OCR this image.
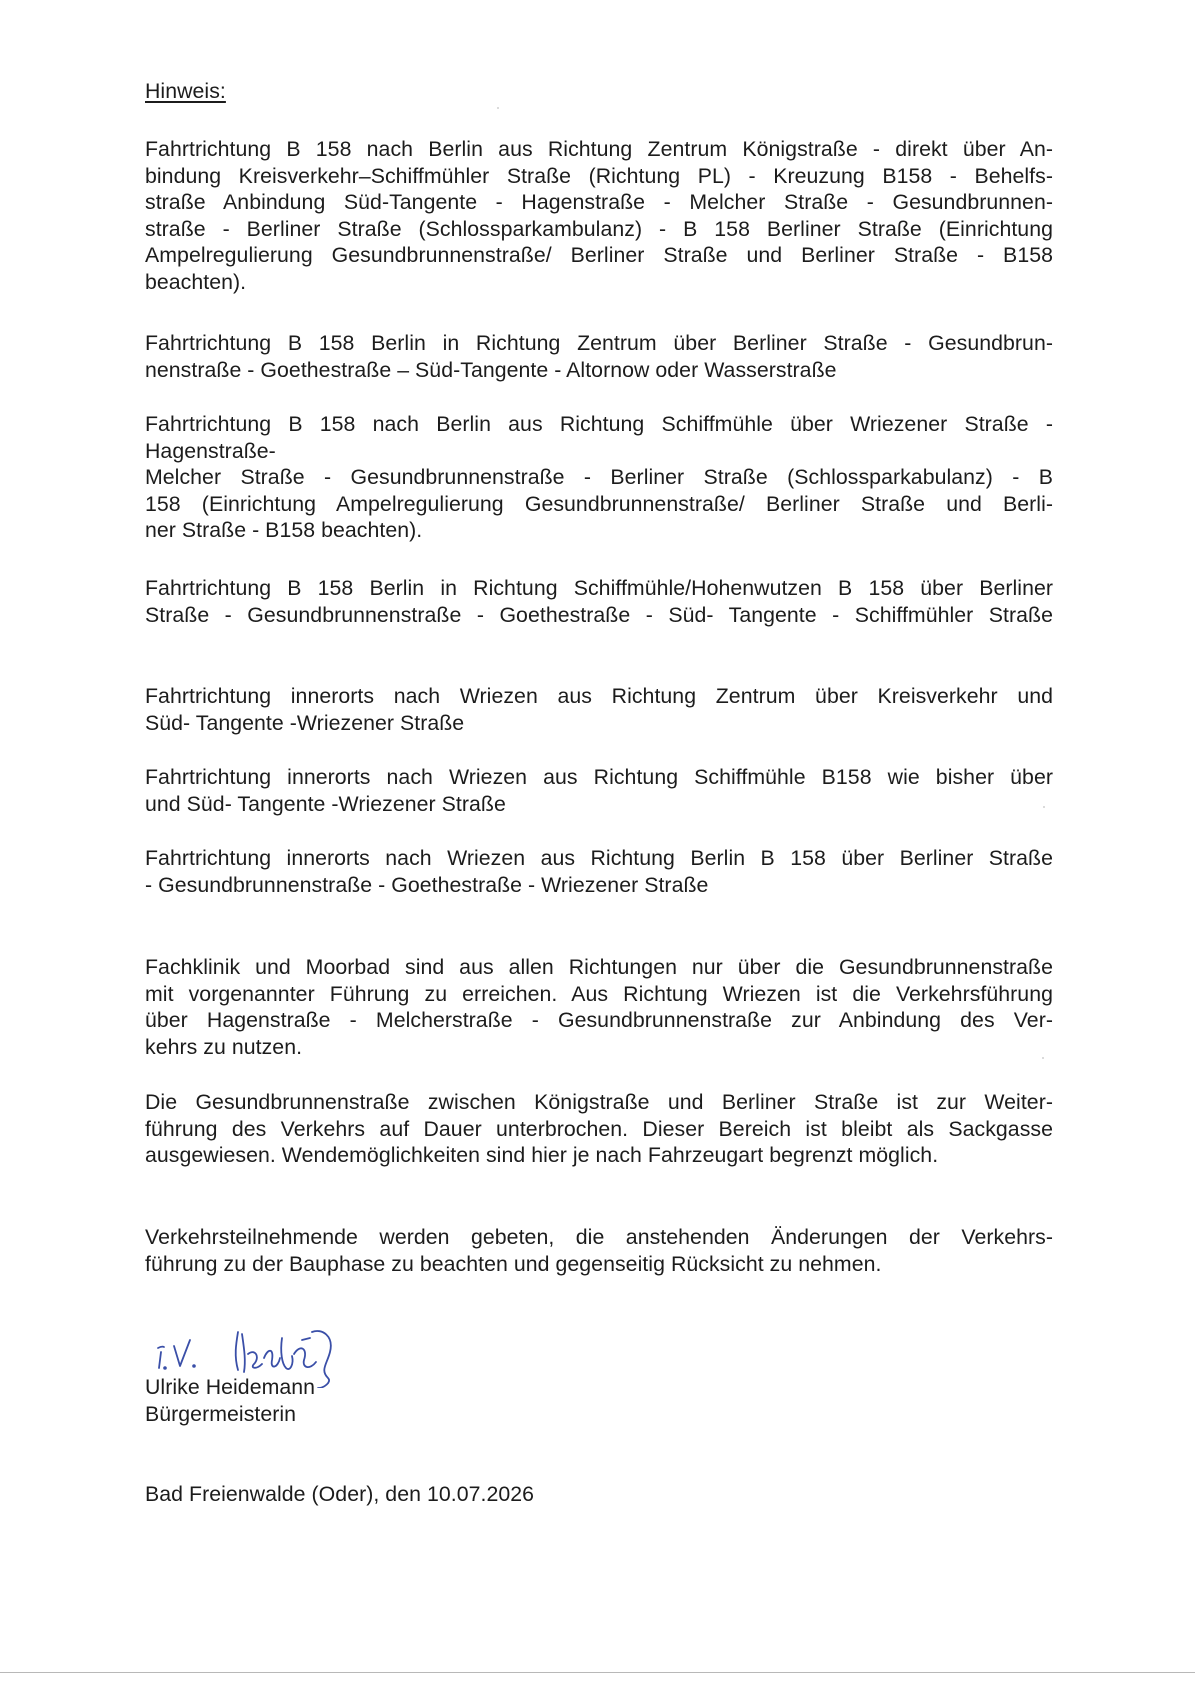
Hinweis:
Fahrtrichtung B 158 nach Berlin aus Richtung Zentrum Königstraße - direkt über An-
bindung Kreisverkehr–Schiffmühler Straße (Richtung PL) - Kreuzung B158 - Behelfs-
straße Anbindung Süd-Tangente - Hagenstraße - Melcher Straße - Gesundbrunnen-
straße - Berliner Straße (Schlossparkambulanz) - B 158 Berliner Straße (Einrichtung
Ampelregulierung Gesundbrunnenstraße/ Berliner Straße und Berliner Straße - B158
beachten).
Fahrtrichtung B 158 Berlin in Richtung Zentrum über Berliner Straße - Gesundbrun-
nenstraße - Goethestraße – Süd-Tangente - Altornow oder Wasserstraße
Fahrtrichtung B 158 nach Berlin aus Richtung Schiffmühle über Wriezener Straße -
Hagenstraße-
Melcher Straße - Gesundbrunnenstraße - Berliner Straße (Schlossparkabulanz) - B
158 (Einrichtung Ampelregulierung Gesundbrunnenstraße/ Berliner Straße und Berli-
ner Straße - B158 beachten).
Fahrtrichtung B 158 Berlin in Richtung Schiffmühle/Hohenwutzen B 158 über Berliner
Straße - Gesundbrunnenstraße - Goethestraße - Süd- Tangente - Schiffmühler Straße
Fahrtrichtung innerorts nach Wriezen aus Richtung Zentrum über Kreisverkehr und
Süd- Tangente -Wriezener Straße
Fahrtrichtung innerorts nach Wriezen aus Richtung Schiffmühle B158 wie bisher über
und Süd- Tangente -Wriezener Straße
Fahrtrichtung innerorts nach Wriezen aus Richtung Berlin B 158 über Berliner Straße
- Gesundbrunnenstraße - Goethestraße - Wriezener Straße
Fachklinik und Moorbad sind aus allen Richtungen nur über die Gesundbrunnenstraße
mit vorgenannter Führung zu erreichen. Aus Richtung Wriezen ist die Verkehrsführung
über Hagenstraße - Melcherstraße - Gesundbrunnenstraße zur Anbindung des Ver-
kehrs zu nutzen.
Die Gesundbrunnenstraße zwischen Königstraße und Berliner Straße ist zur Weiter-
führung des Verkehrs auf Dauer unterbrochen. Dieser Bereich ist bleibt als Sackgasse
ausgewiesen. Wendemöglichkeiten sind hier je nach Fahrzeugart begrenzt möglich.
Verkehrsteilnehmende werden gebeten, die anstehenden Änderungen der Verkehrs-
führung zu der Bauphase zu beachten und gegenseitig Rücksicht zu nehmen.
Ulrike Heidemann
Bürgermeisterin
Bad Freienwalde (Oder), den 10.07.2026
